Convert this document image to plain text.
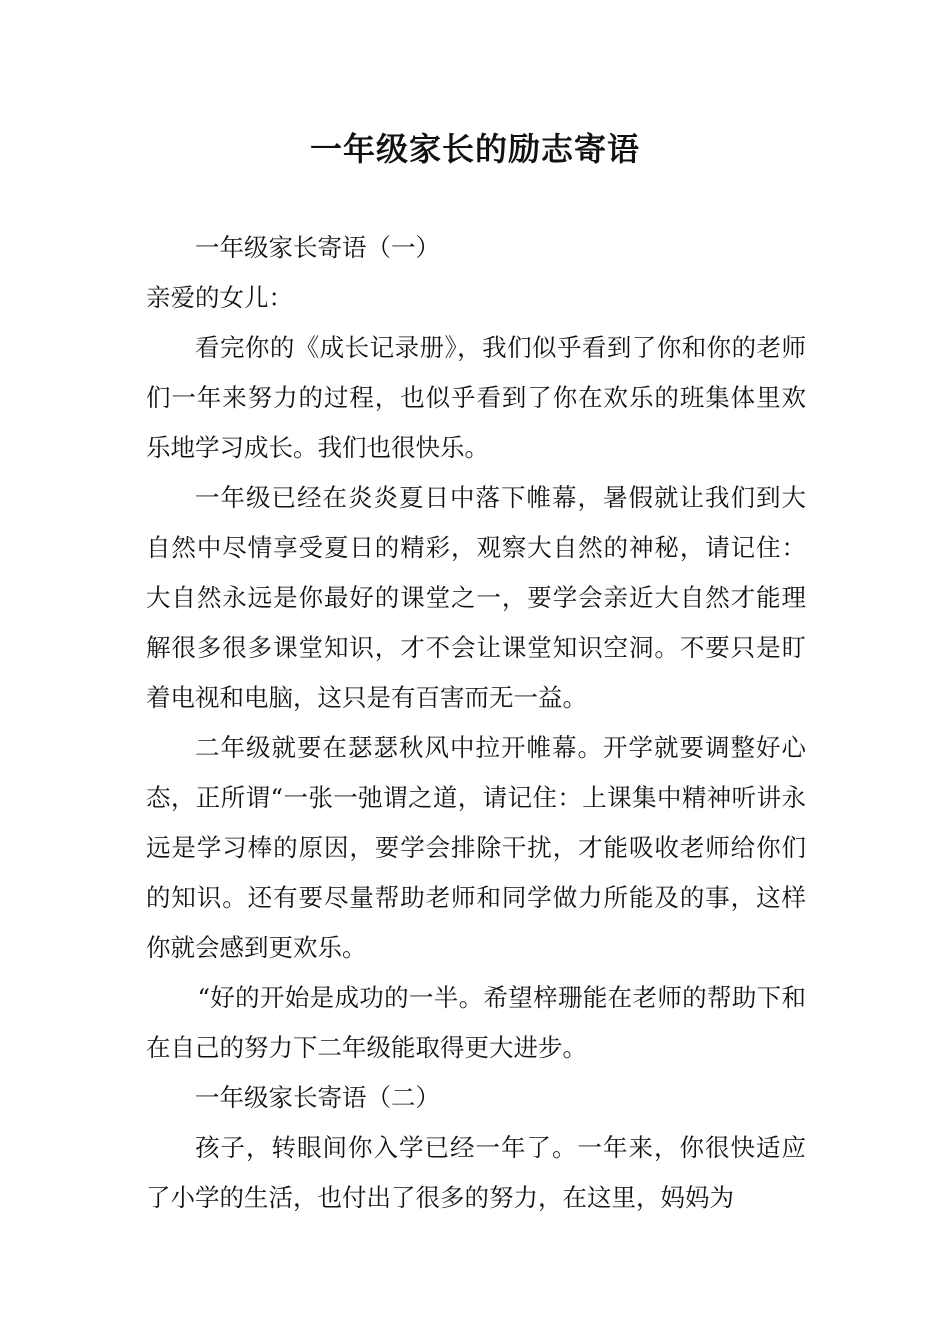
一年级家长的励志寄语

一年级家长寄语（一）

亲爱的女儿：

看完你的《成长记录册》，我们似乎看到了你和你的老师们一年来努力的过程，也似乎看到了你在欢乐的班集体里欢乐地学习成长。我们也很快乐。

一年级已经在炎炎夏日中落下帷幕，暑假就让我们到大自然中尽情享受夏日的精彩，观察大自然的神秘，请记住：大自然永远是你最好的课堂之一，要学会亲近大自然才能理解很多很多课堂知识，才不会让课堂知识空洞。不要只是盯着电视和电脑，这只是有百害而无一益。

二年级就要在瑟瑟秋风中拉开帷幕。开学就要调整好心态，正所谓“一张一弛谓之道，请记住：上课集中精神听讲永远是学习棒的原因，要学会排除干扰，才能吸收老师给你们的知识。还有要尽量帮助老师和同学做力所能及的事，这样你就会感到更欢乐。

“好的开始是成功的一半。希望梓珊能在老师的帮助下和在自己的努力下二年级能取得更大进步。

一年级家长寄语（二）

孩子，转眼间你入学已经一年了。一年来，你很快适应了小学的生活，也付出了很多的努力，在这里，妈妈为
